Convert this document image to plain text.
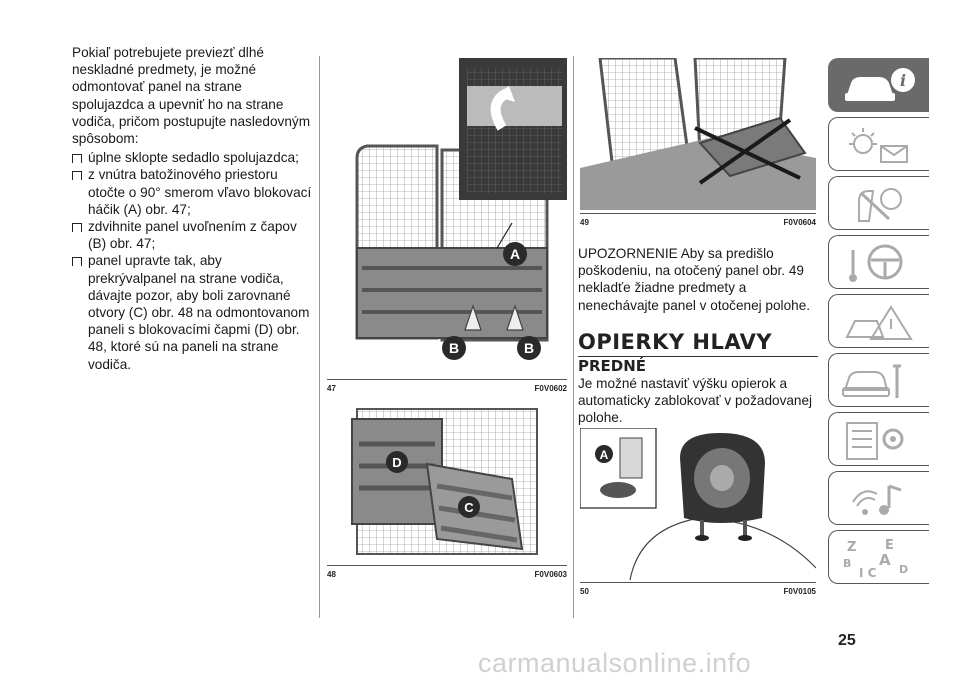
Pokiaľ potrebujete previezť dlhé neskladné predmety, je možné odmontovať panel na strane spolujazdca a upevniť ho na strane vodiča, pričom postupujte nasledovným spôsobom:

úplne sklopte sedadlo spolujazdca;
z vnútra batožinového priestoru otočte o 90° smerom vľavo blokovací háčik (A) obr. 47;
zdvihnite panel uvoľnením z čapov (B) obr. 47;
panel upravte tak, aby prekrývalpanel na strane vodiča, dávajte pozor, aby boli zarovnané otvory (C) obr. 48 na odmontovanom paneli s blokovacími čapmi (D) obr. 48, ktoré sú na paneli na strane vodiča.
A
B	B
47	F0V0602
D
C
48	F0V0603
49	F0V0604

UPOZORNENIE Aby sa predišlo poškodeniu, na otočený panel obr. 49 nekladťe žiadne predmety a nenechávajte panel v otočenej polohe.

OPIERKY HLAVY
PREDNÉ

Je možné nastaviť výšku opierok a automaticky zablokovať v požadovanej polohe.

A
50	F0V0105
i
Z E
B A
I C D
25
carmanualsonline.info
